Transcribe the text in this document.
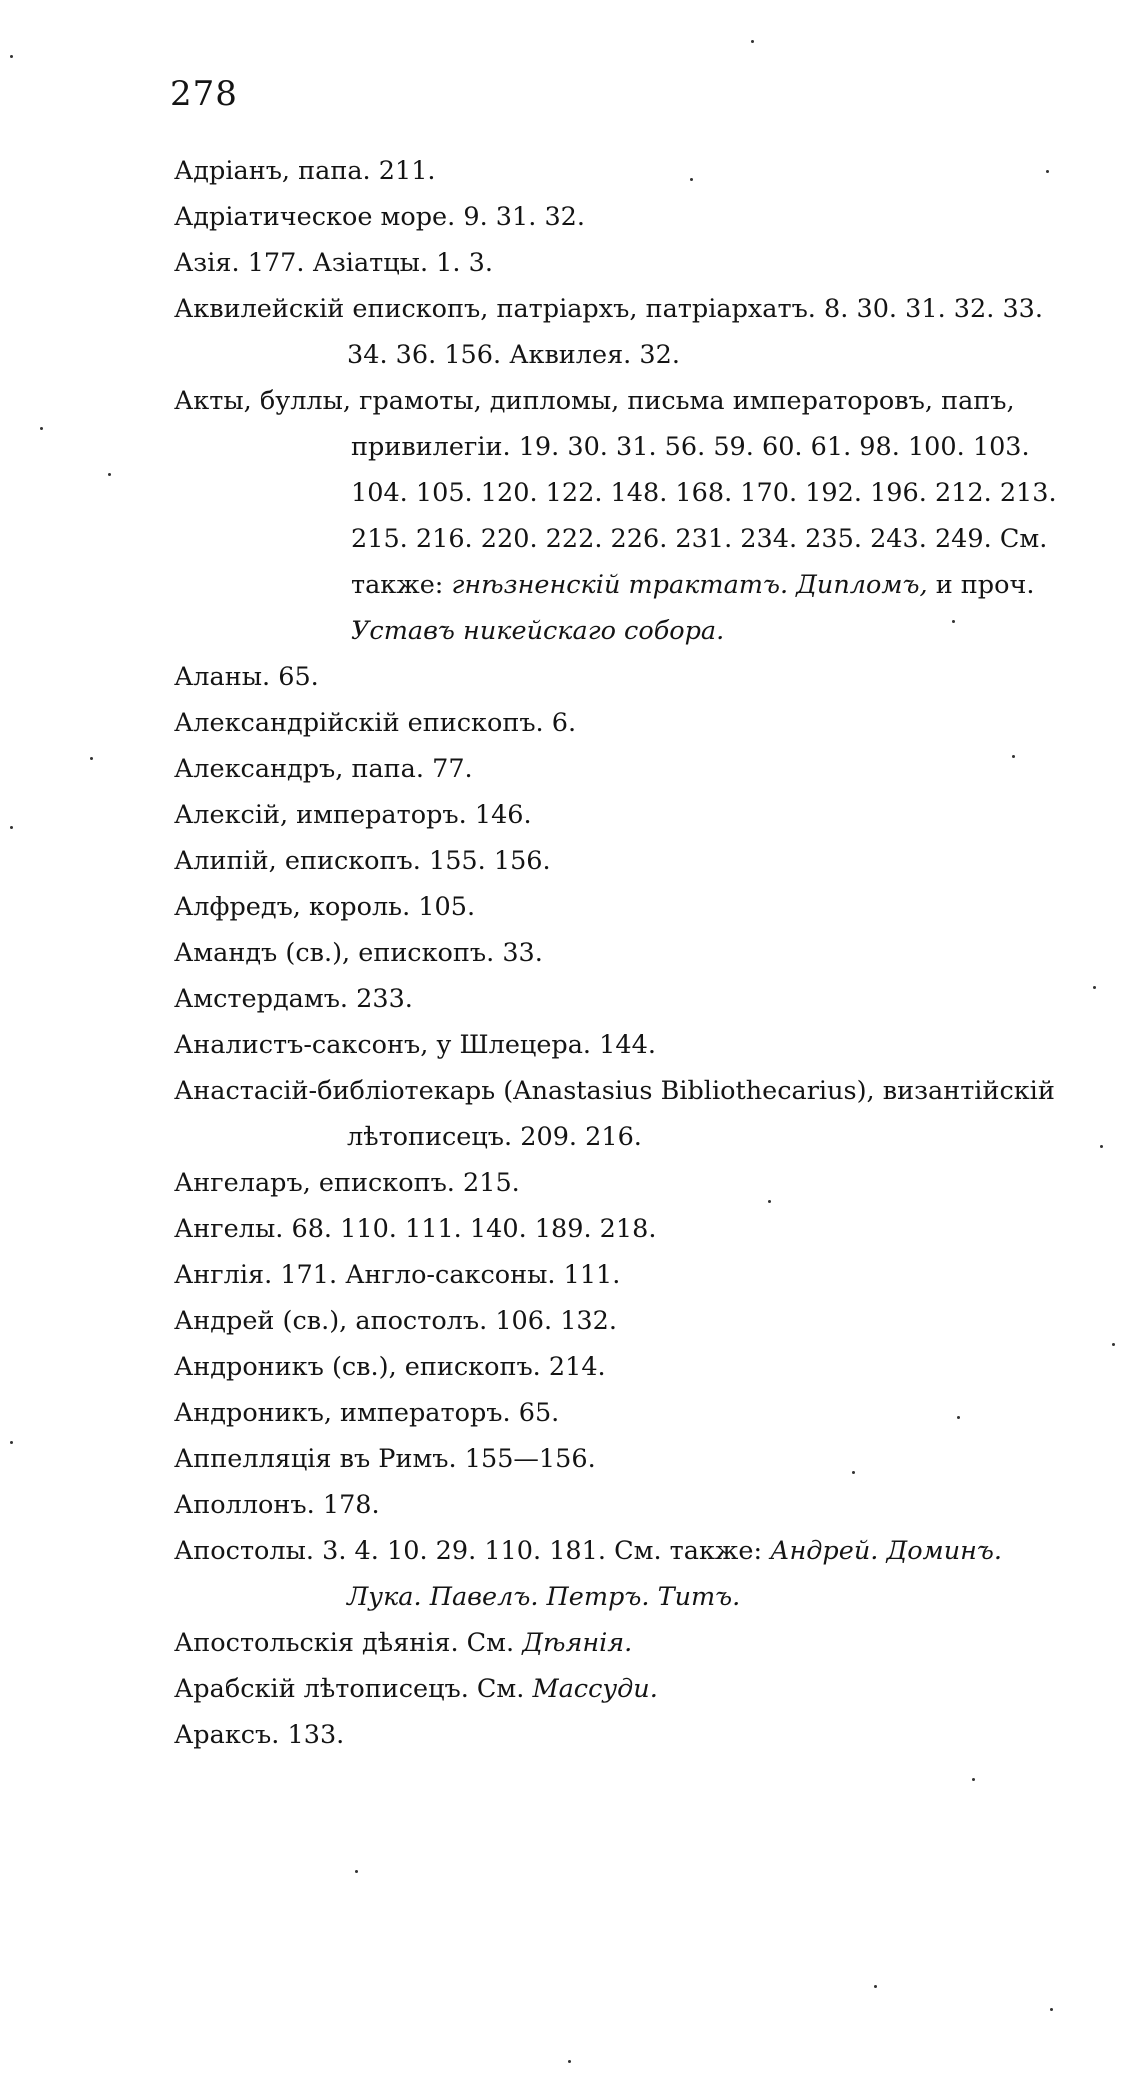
278

Адріанъ, папа. 211.

Адріатическое море. 9. 31. 32.

Азія. 177. Азіатцы. 1. 3.

Аквилейскій епископъ, патріархъ, патріархатъ. 8. 30. 31. 32. 33. 34. 36. 156. Аквилея. 32.

Акты, буллы, грамоты, дипломы, письма императоровъ, папъ, привилегіи. 19. 30. 31. 56. 59. 60. 61. 98. 100. 103. 104. 105. 120. 122. 148. 168. 170. 192. 196. 212. 213. 215. 216. 220. 222. 226. 231. 234. 235. 243. 249. См. также: гнѣзненскій трактатъ. Дипломъ, и проч. Уставъ никейскаго собора.

Аланы. 65.

Александрійскій епископъ. 6.

Александръ, папа. 77.

Алексій, императоръ. 146.

Алипій, епископъ. 155. 156.

Алфредъ, король. 105.

Амандъ (св.), епископъ. 33.

Амстердамъ. 233.

Аналистъ-саксонъ, у Шлецера. 144.

Анастасій-библіотекарь (Anastasius Bibliothecarius), византійскій лѣтописецъ. 209. 216.

Ангеларъ, епископъ. 215.

Ангелы. 68. 110. 111. 140. 189. 218.

Англія. 171. Англо-саксоны. 111.

Андрей (св.), апостолъ. 106. 132.

Андроникъ (св.), епископъ. 214.

Андроникъ, императоръ. 65.

Аппелляція въ Римъ. 155—156.

Аполлонъ. 178.

Апостолы. 3. 4. 10. 29. 110. 181. См. также: Андрей. Доминъ. Лука. Павелъ. Петръ. Титъ.

Апостольскія дѣянія. См. Дѣянія.

Арабскій лѣтописецъ. См. Массуди.

Араксъ. 133.
